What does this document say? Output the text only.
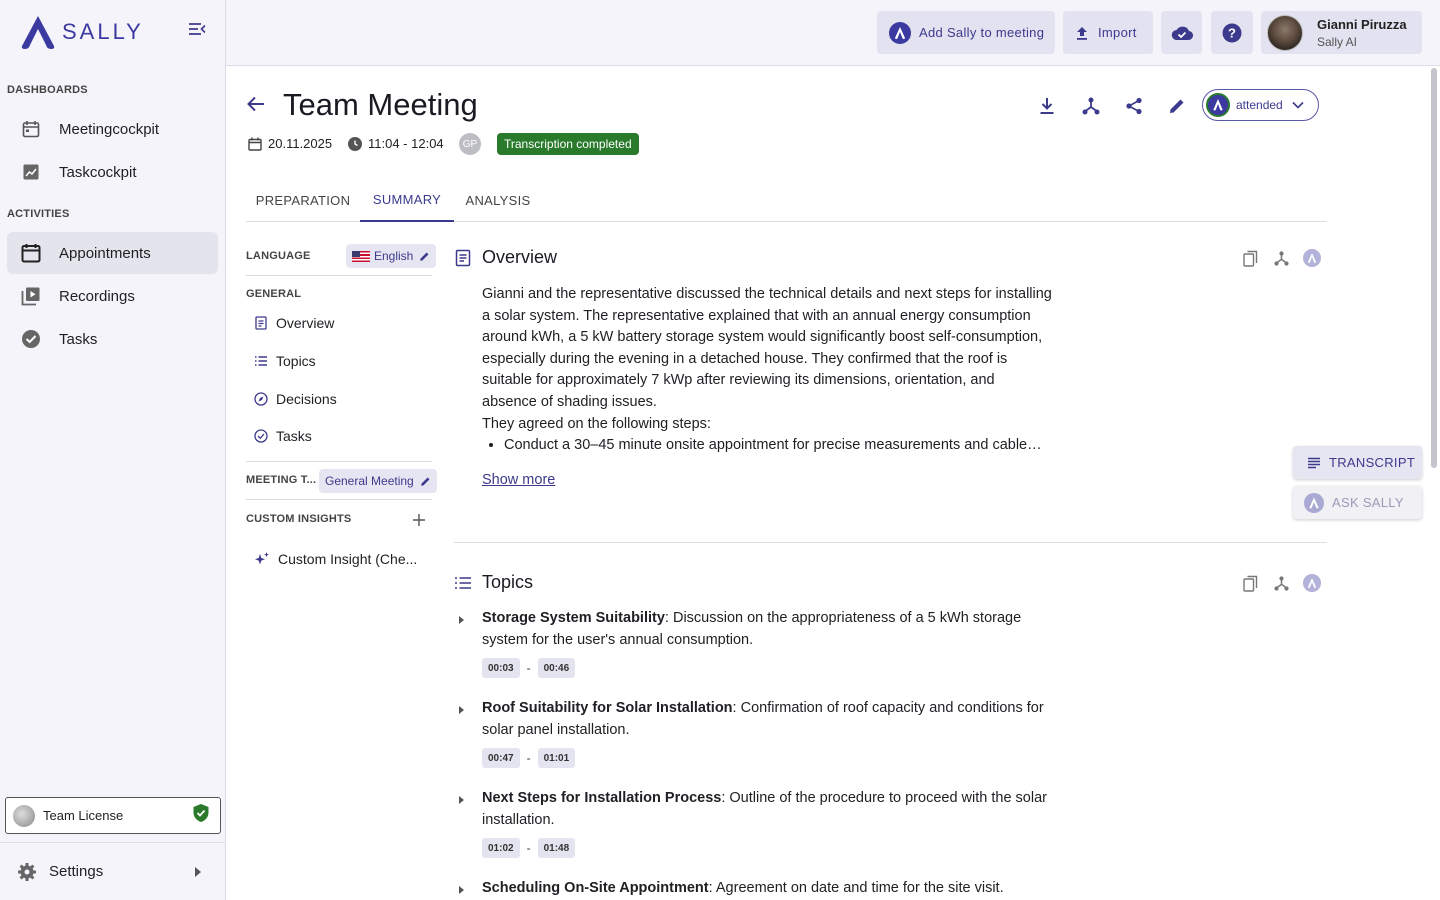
SALLY
DASHBOARDS
Meetingcockpit
Taskcockpit
ACTIVITIES
Appointments
Recordings
Tasks
Team License
Settings
Add Sally to meeting	Import	?
Gianni Piruzza
Sally AI
Team Meeting
20.11.2025	11:04 - 12:04	GP	Transcription completed
attended
PREPARATION	SUMMARY	ANALYSIS
LANGUAGE	English
GENERAL
Overview
Topics
Decisions
Tasks
MEETING T... General Meeting
CUSTOM INSIGHTS
Custom Insight (Che...
Overview

Gianni and the representative discussed the technical details and next steps for installing a solar system. The representative explained that with an annual energy consumption around kWh, a 5 kW battery storage system would significantly boost self-consumption, especially during the evening in a detached house. They confirmed that the roof is suitable for approximately 7 kWp after reviewing its dimensions, orientation, and absence of shading issues.

They agreed on the following steps:

• Conduct a 30–45 minute onsite appointment for precise measurements and cable…
Show more
Topics
Storage System Suitability: Discussion on the appropriateness of a 5 kWh storage system for the user's annual consumption.
00:03	-	00:46
Roof Suitability for Solar Installation: Confirmation of roof capacity and conditions for solar panel installation.
00:47	-	01:01
Next Steps for Installation Process: Outline of the procedure to proceed with the solar installation.
01:02	-	01:48
Scheduling On-Site Appointment: Agreement on date and time for the site visit.
TRANSCRIPT
ASK SALLY
